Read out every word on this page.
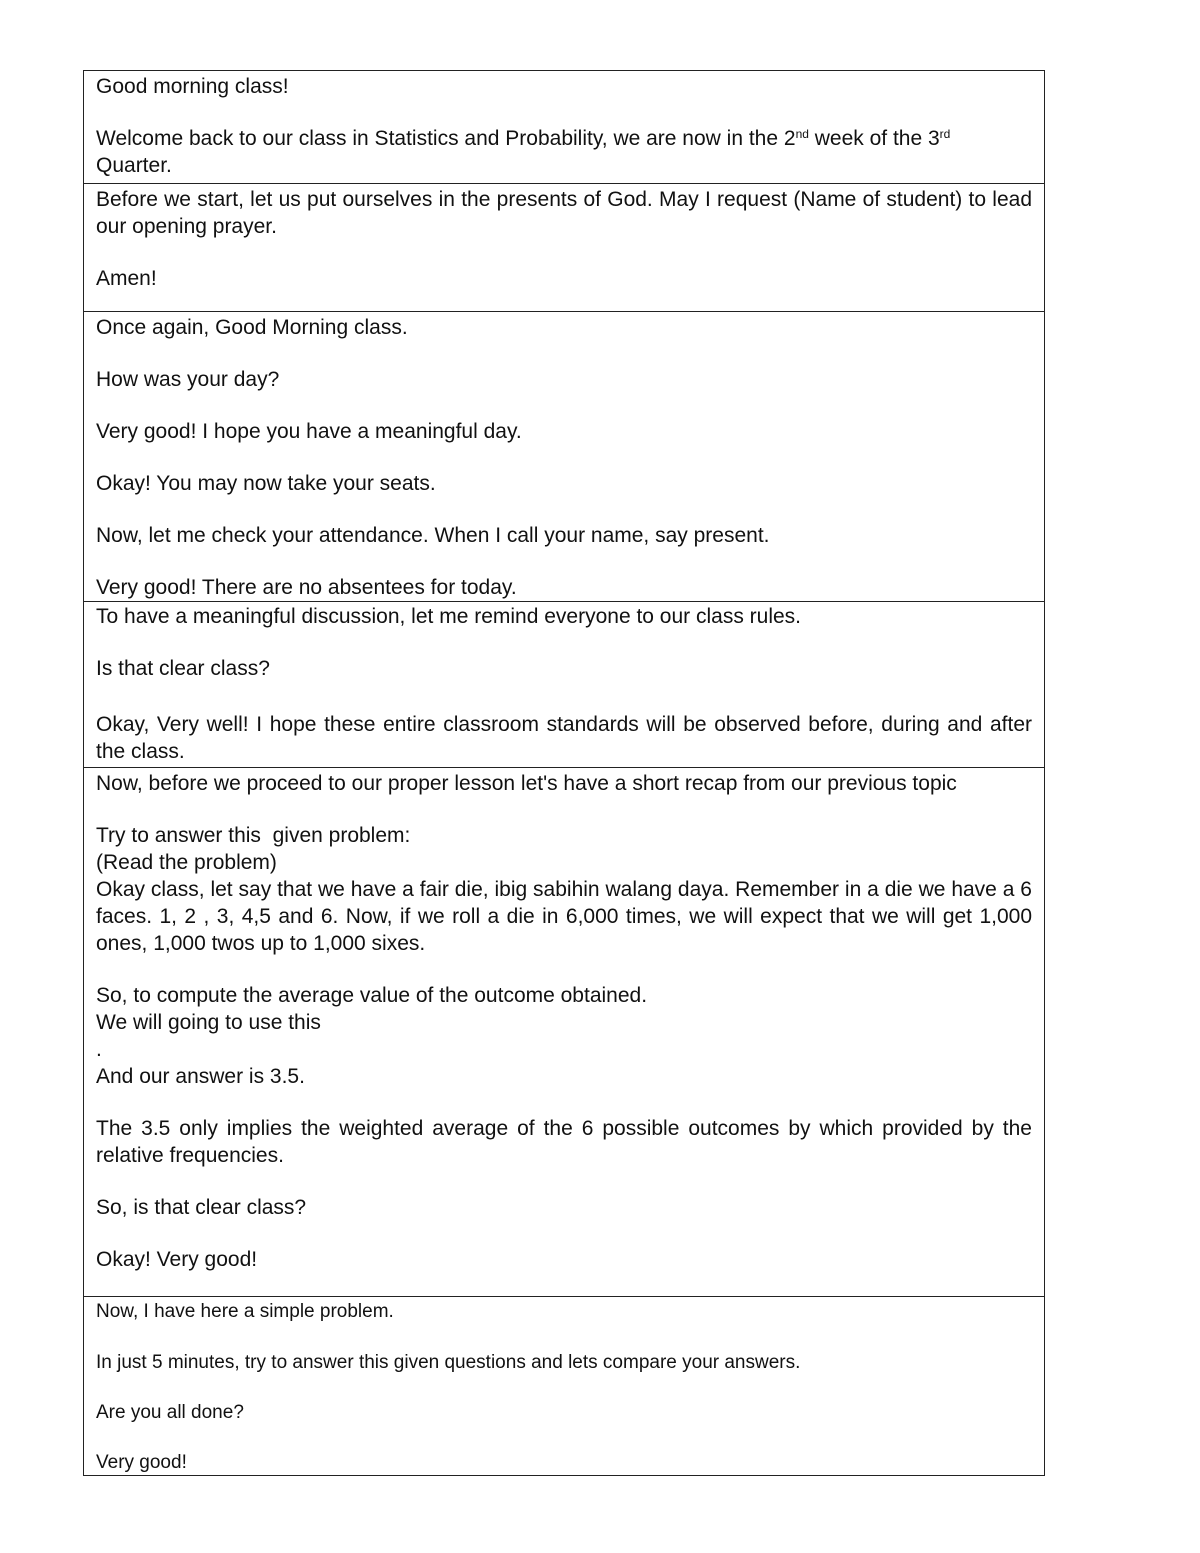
Good morning class!

Welcome back to our class in Statistics and Probability, we are now in the 2nd week of the 3rd Quarter.

Before we start, let us put ourselves in the presents of God. May I request (Name of student) to lead our opening prayer.

Amen!

Once again, Good Morning class.

How was your day?

Very good! I hope you have a meaningful day.

Okay! You may now take your seats.

Now, let me check your attendance. When I call your name, say present.

Very good! There are no absentees for today.

To have a meaningful discussion, let me remind everyone to our class rules.

Is that clear class?

Okay, Very well! I hope these entire classroom standards will be observed before, during and after the class.

Now, before we proceed to our proper lesson let's have a short recap from our previous topic

Try to answer this  given problem:

(Read the problem)

Okay class, let say that we have a fair die, ibig sabihin walang daya. Remember in a die we have a 6 faces. 1, 2 , 3, 4,5 and 6. Now, if we roll a die in 6,000 times, we will expect that we will get 1,000 ones, 1,000 twos up to 1,000 sixes.

So, to compute the average value of the outcome obtained.

We will going to use this

.

And our answer is 3.5.

The 3.5 only implies the weighted average of the 6 possible outcomes by which provided by the relative frequencies.

So, is that clear class?

Okay! Very good!

Now, I have here a simple problem.

In just 5 minutes, try to answer this given questions and lets compare your answers.

Are you all done?

Very good!
